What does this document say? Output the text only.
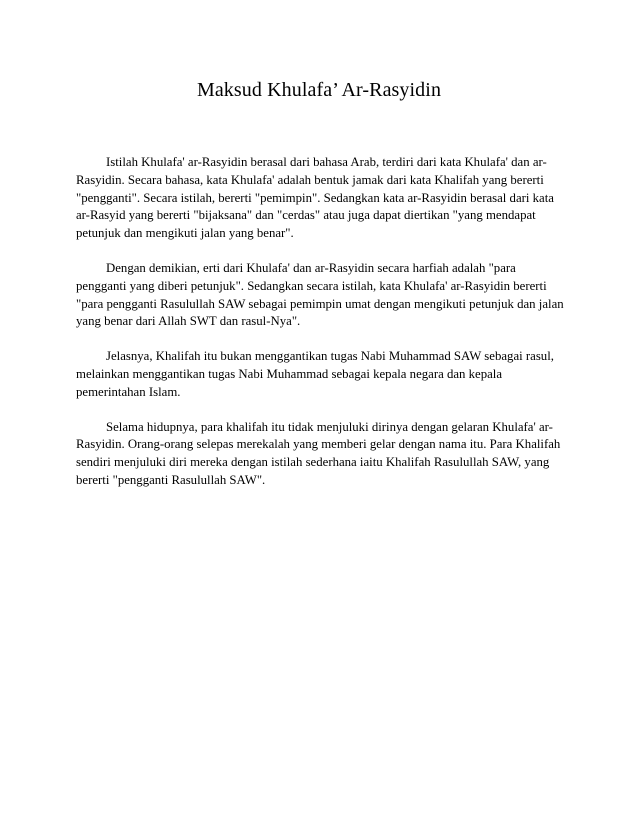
Maksud Khulafa’ Ar-Rasyidin

Istilah Khulafa' ar-Rasyidin berasal dari bahasa Arab, terdiri dari kata Khulafa' dan ar-Rasyidin. Secara bahasa, kata Khulafa' adalah bentuk jamak dari kata Khalifah yang bererti "pengganti". Secara istilah, bererti "pemimpin". Sedangkan kata ar-Rasyidin berasal dari kata ar-Rasyid yang bererti "bijaksana" dan "cerdas" atau juga dapat diertikan "yang mendapat petunjuk dan mengikuti jalan yang benar".

Dengan demikian, erti dari Khulafa' dan ar-Rasyidin secara harfiah adalah "para pengganti yang diberi petunjuk". Sedangkan secara istilah, kata Khulafa' ar-Rasyidin bererti "para pengganti Rasulullah SAW sebagai pemimpin umat dengan mengikuti petunjuk dan jalan yang benar dari Allah SWT dan rasul-Nya".

Jelasnya, Khalifah itu bukan menggantikan tugas Nabi Muhammad SAW sebagai rasul, melainkan menggantikan tugas Nabi Muhammad sebagai kepala negara dan kepala pemerintahan Islam.

Selama hidupnya, para khalifah itu tidak menjuluki dirinya dengan gelaran Khulafa' ar-Rasyidin. Orang-orang selepas merekalah yang memberi gelar dengan nama itu. Para Khalifah sendiri menjuluki diri mereka dengan istilah sederhana iaitu Khalifah Rasulullah SAW, yang bererti "pengganti Rasulullah SAW".
